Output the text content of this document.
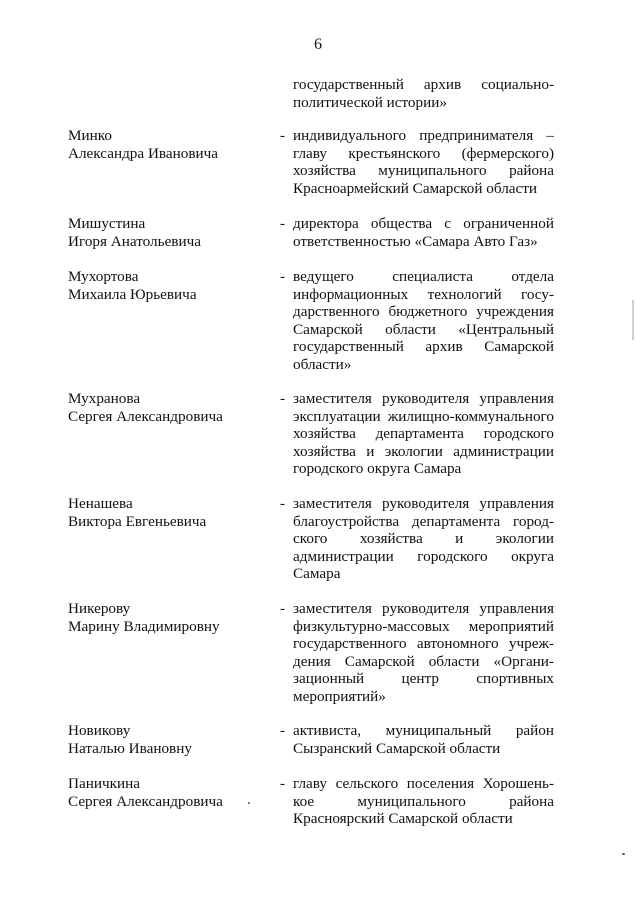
6
государственный архив социально-
политической истории»
Минко
Александра Ивановича
- индивидуального предпринимателя –
главу крестьянского (фермерского)
хозяйства муниципального района
Красноармейский Самарской области
Мишустина
Игоря Анатольевича
- директора общества с ограниченной
ответственностью «Самара Авто Газ»
Мухортова
Михаила Юрьевича
- ведущего специалиста отдела
информационных технологий госу-
дарственного бюджетного учреждения
Самарской области «Центральный
государственный архив Самарской
области»
Мухранова
Сергея Александровича
- заместителя руководителя управления
эксплуатации жилищно-коммунального
хозяйства департамента городского
хозяйства и экологии администрации
городского округа Самара
Ненашева
Виктора Евгеньевича
- заместителя руководителя управления
благоустройства департамента город-
ского хозяйства и экологии
администрации городского округа
Самара
Никерову
Марину Владимировну
- заместителя руководителя управления
физкультурно-массовых мероприятий
государственного автономного учреж-
дения Самарской области «Органи-
зационный центр спортивных
мероприятий»
Новикову
Наталью Ивановну
- активиста, муниципальный район
Сызранский Самарской области
Паничкина
Сергея Александровича
- главу сельского поселения Хорошень-
кое муниципального района
Красноярский Самарской области
